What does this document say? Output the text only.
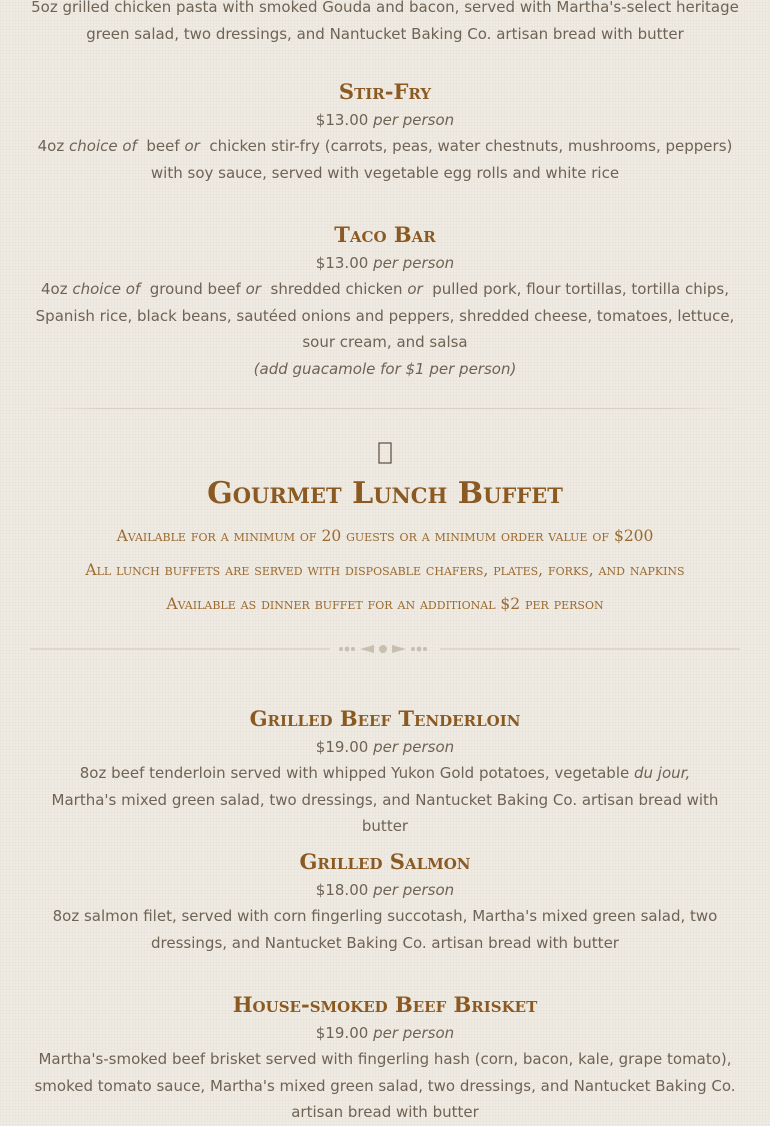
5oz grilled chicken pasta with smoked Gouda and bacon, served with Martha's-select heritage green salad, two dressings, and Nantucket Baking Co. artisan bread with butter
Stir-Fry
$13.00 per person
4oz choice of beef or chicken stir-fry (carrots, peas, water chestnuts, mushrooms, peppers) with soy sauce, served with vegetable egg rolls and white rice
Taco Bar
$13.00 per person
4oz choice of ground beef or shredded chicken or pulled pork, flour tortillas, tortilla chips, Spanish rice, black beans, sautéed onions and peppers, shredded cheese, tomatoes, lettuce, sour cream, and salsa
(add guacamole for $1 per person)
Gourmet Lunch Buffet
Available for a minimum of 20 guests or a minimum order value of $200
All lunch buffets are served with disposable chafers, plates, forks, and napkins
Available as dinner buffet for an additional $2 per person
Grilled Beef Tenderloin
$19.00 per person
8oz beef tenderloin served with whipped Yukon Gold potatoes, vegetable du jour, Martha's mixed green salad, two dressings, and Nantucket Baking Co. artisan bread with butter
Grilled Salmon
$18.00 per person
8oz salmon filet, served with corn fingerling succotash, Martha's mixed green salad, two dressings, and Nantucket Baking Co. artisan bread with butter
House-smoked Beef Brisket
$19.00 per person
Martha's-smoked beef brisket served with fingerling hash (corn, bacon, kale, grape tomato), smoked tomato sauce, Martha's mixed green salad, two dressings, and Nantucket Baking Co. artisan bread with butter
